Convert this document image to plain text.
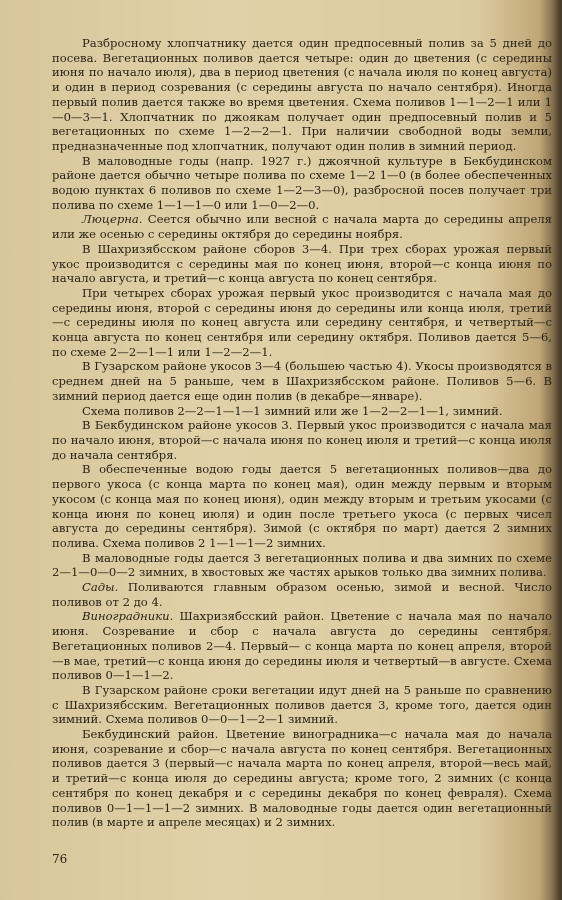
Разбросному хлопчатнику дается один предпосевный полив за 5 дней до посева. Вегетационных поливов дается четыре: один до цветения (с середины июня по начало июля), два в период цветения (с начала июля по конец августа) и один в период созревания (с середины августа по начало сентября). Иногда первый полив дается также во время цветения. Схема поливов 1—1—2—1 или 1—0—3—1. Хлопчатник по джоякам получает один предпосевный полив и 5 вегетационных по схеме 1—2—2—1. При наличии свободной воды земли, предназначенные под хлопчатник, получают один полив в зимний период.

В маловодные годы (напр. 1927 г.) джоячной культуре в Бекбудинском районе дается обычно четыре полива по схеме 1—2 1—0 (в более обеспеченных водою пунктах 6 поливов по схеме 1—2—3—0), разбросной посев получает три полива по схеме 1—1—1—0 или 1—0—2—0.

Люцерна. Сеется обычно или весной с начала марта до середины апреля или же осенью с середины октября до середины ноября.

В Шахризябсском районе сборов 3—4. При трех сборах урожая первый укос производится с середины мая по конец июня, второй—с конца июня по начало августа, и третий—с конца августа по конец сентября.

При четырех сборах урожая первый укос производится с начала мая до середины июня, второй с середины июня до середины или конца июля, третий—с середины июля по конец августа или середину сентября, и четвертый—с конца августа по конец сентября или середину октября. Поливов дается 5—6, по схеме 2—2—1—1 или 1—2—2—1.

В Гузарском районе укосов 3—4 (большею частью 4). Укосы производятся в среднем дней на 5 раньше, чем в Шахризябсском районе. Поливов 5—6. В зимний период дается еще один полив (в декабре—январе).

Схема поливов 2—2—1—1—1 зимний или же 1—2—2—1—1, зимний.

В Бекбудинском районе укосов 3. Первый укос производится с начала мая по начало июня, второй—с начала июня по конец июля и третий—с конца июля до начала сентября.

В обеспеченные водою годы дается 5 вегетационных поливов—два до первого укоса (с конца марта по конец мая), один между первым и вторым укосом (с конца мая по конец июня), один между вторым и третьим укосами (с конца июня по конец июля) и один после третьего укоса (с первых чисел августа до середины сентября). Зимой (с октября по март) дается 2 зимних полива. Схема поливов 2 1—1—1—2 зимних.

В маловодные годы дается 3 вегетационных полива и два зимних по схеме 2—1—0—0—2 зимних, в хвостовых же частях арыков только два зимних полива.

Сады. Поливаются главным образом осенью, зимой и весной. Число поливов от 2 до 4.

Виноградники. Шахризябсский район. Цветение с начала мая по начало июня. Созревание и сбор с начала августа до середины сентября. Вегетационных поливов 2—4. Первый— с конца марта по конец апреля, второй—в мае, третий—с конца июня до середины июля и четвертый—в августе. Схема поливов 0—1—1—2.

В Гузарском районе сроки вегетации идут дней на 5 раньше по сравнению с Шахризябсским. Вегетационных поливов дается 3, кроме того, дается один зимний. Схема поливов 0—0—1—2—1 зимний.

Бекбудинский район. Цветение виноградника—с начала мая до начала июня, созревание и сбор—с начала августа по конец сентября. Вегетационных поливов дается 3 (первый—с начала марта по конец апреля, второй—весь май, и третий—с конца июля до середины августа; кроме того, 2 зимних (с конца сентября по конец декабря и с середины декабря по конец февраля). Схема поливов 0—1—1—1—2 зимних. В маловодные годы дается один вегетационный полив (в марте и апреле месяцах) и 2 зимних.

76
